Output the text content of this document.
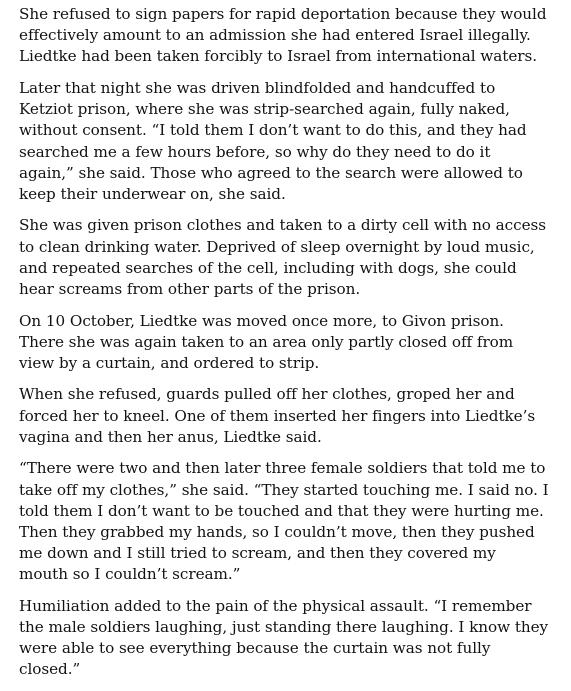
She refused to sign papers for rapid deportation because they would effectively amount to an admission she had entered Israel illegally. Liedtke had been taken forcibly to Israel from international waters.

Later that night she was driven blindfolded and handcuffed to Ketziot prison, where she was strip-searched again, fully naked, without consent. “I told them I don’t want to do this, and they had searched me a few hours before, so why do they need to do it again,” she said. Those who agreed to the search were allowed to keep their underwear on, she said.

She was given prison clothes and taken to a dirty cell with no access to clean drinking water. Deprived of sleep overnight by loud music, and repeated searches of the cell, including with dogs, she could hear screams from other parts of the prison.

On 10 October, Liedtke was moved once more, to Givon prison. There she was again taken to an area only partly closed off from view by a curtain, and ordered to strip.

When she refused, guards pulled off her clothes, groped her and forced her to kneel. One of them inserted her fingers into Liedtke’s vagina and then her anus, Liedtke said.

“There were two and then later three female soldiers that told me to take off my clothes,” she said. “They started touching me. I said no. I told them I don’t want to be touched and that they were hurting me. Then they grabbed my hands, so I couldn’t move, then they pushed me down and I still tried to scream, and then they covered my mouth so I couldn’t scream.”

Humiliation added to the pain of the physical assault. “I remember the male soldiers laughing, just standing there laughing. I know they were able to see everything because the curtain was not fully closed.”
